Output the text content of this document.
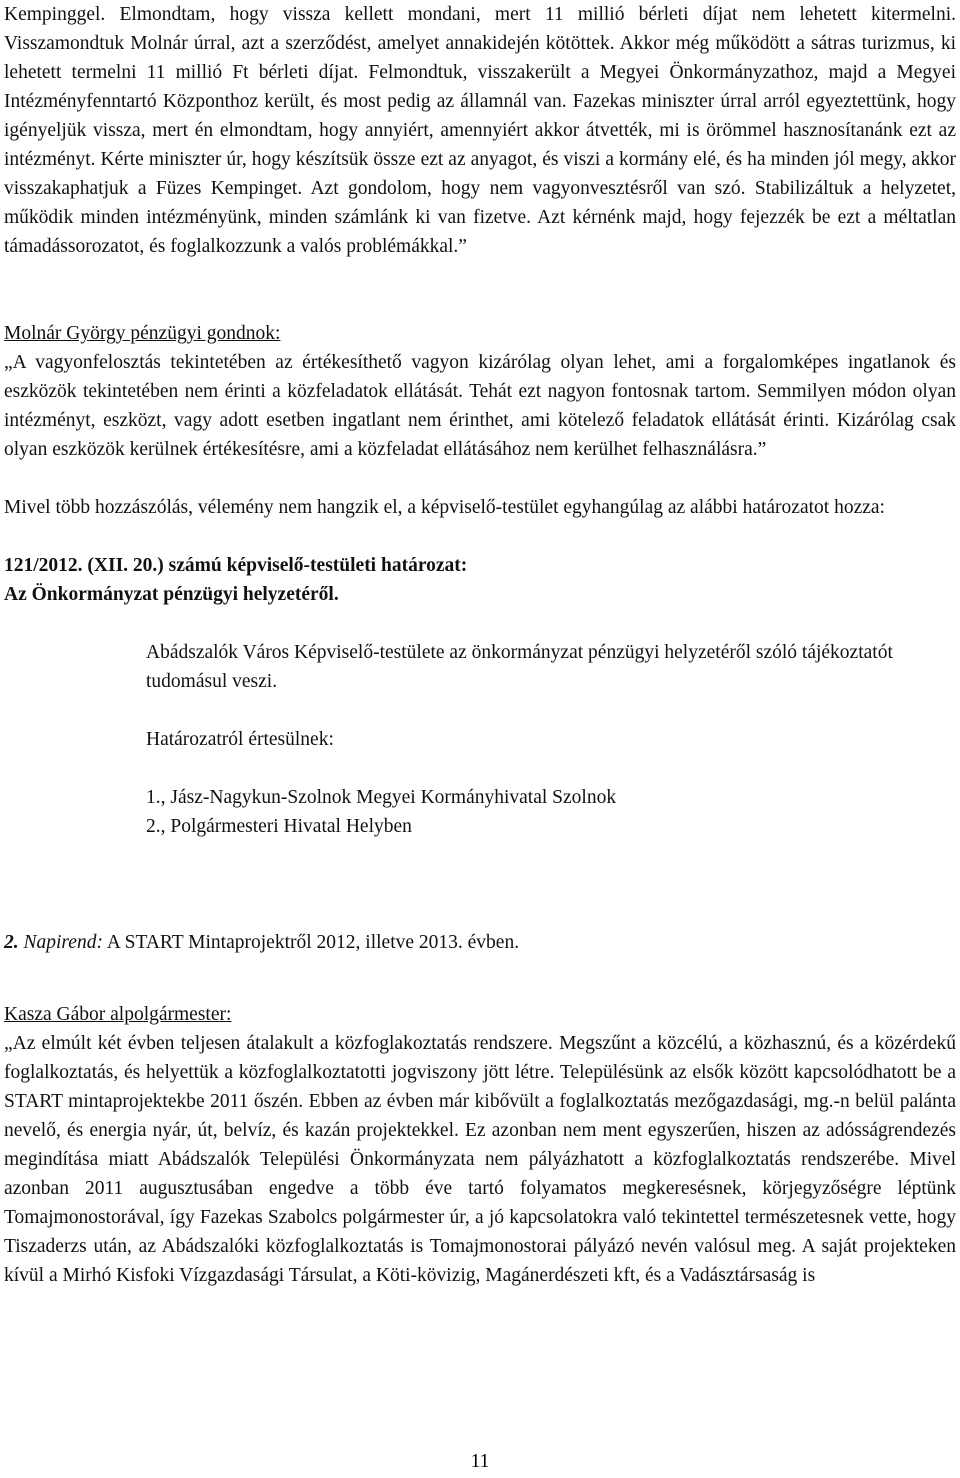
Kempinggel. Elmondtam, hogy vissza kellett mondani, mert 11 millió bérleti díjat nem lehetett kitermelni. Visszamondtuk Molnár úrral, azt a szerződést, amelyet annakidején kötöttek. Akkor még működött a sátras turizmus, ki lehetett termelni 11 millió Ft bérleti díjat. Felmondtuk, visszakerült a Megyei Önkormányzathoz, majd a Megyei Intézményfenntartó Központhoz került, és most pedig az államnál van. Fazekas miniszter úrral arról egyeztettünk, hogy igényeljük vissza, mert én elmondtam, hogy annyiért, amennyiért akkor átvették, mi is örömmel hasznosítanánk ezt az intézményt. Kérte miniszter úr, hogy készítsük össze ezt az anyagot, és viszi a kormány elé, és ha minden jól megy, akkor visszakaphatjuk a Füzes Kempinget. Azt gondolom, hogy nem vagyonvesztésről van szó. Stabilizáltuk a helyzetet, működik minden intézményünk, minden számlánk ki van fizetve. Azt kérnénk majd, hogy fejezzék be ezt a méltatlan támadássorozatot, és foglalkozzunk a valós problémákkal.”

Molnár György pénzügyi gondnok:

„A vagyonfelosztás tekintetében az értékesíthető vagyon kizárólag olyan lehet, ami a forgalomképes ingatlanok és eszközök tekintetében nem érinti a közfeladatok ellátását. Tehát ezt nagyon fontosnak tartom. Semmilyen módon olyan intézményt, eszközt, vagy adott esetben ingatlant nem érinthet, ami kötelező feladatok ellátását érinti. Kizárólag csak olyan eszközök kerülnek értékesítésre, ami a közfeladat ellátásához nem kerülhet felhasználásra.”

Mivel több hozzászólás, vélemény nem hangzik el, a képviselő-testület egyhangúlag az alábbi határozatot hozza:

121/2012. (XII. 20.) számú képviselő-testületi határozat:

Az Önkormányzat pénzügyi helyzetéről.

Abádszalók Város Képviselő-testülete az önkormányzat pénzügyi helyzetéről szóló tájékoztatót tudomásul veszi.

Határozatról értesülnek:

1., Jász-Nagykun-Szolnok Megyei Kormányhivatal Szolnok

2., Polgármesteri Hivatal Helyben

2. Napirend: A START Mintaprojektről 2012, illetve 2013. évben.

Kasza Gábor alpolgármester:

„Az elmúlt két évben teljesen átalakult a közfoglakoztatás rendszere. Megszűnt a közcélú, a közhasznú, és a közérdekű foglalkoztatás, és helyettük a közfoglalkoztatotti jogviszony jött létre. Településünk az elsők között kapcsolódhatott be a START mintaprojektekbe 2011 őszén. Ebben az évben már kibővült a foglalkoztatás mezőgazdasági, mg.-n belül palánta nevelő, és energia nyár, út, belvíz, és kazán projektekkel. Ez azonban nem ment egyszerűen, hiszen az adósságrendezés megindítása miatt Abádszalók Települési Önkormányzata nem pályázhatott a közfoglalkoztatás rendszerébe. Mivel azonban 2011 augusztusában engedve a több éve tartó folyamatos megkeresésnek, körjegyzőségre léptünk Tomajmonostorával, így Fazekas Szabolcs polgármester úr, a jó kapcsolatokra való tekintettel természetesnek vette, hogy Tiszaderzs után, az Abádszalóki közfoglalkoztatás is Tomajmonostorai pályázó nevén valósul meg. A saját projekteken kívül a Mirhó Kisfoki Vízgazdasági Társulat, a Köti-kövizig, Magánerdészeti kft, és a Vadásztársaság is

11
